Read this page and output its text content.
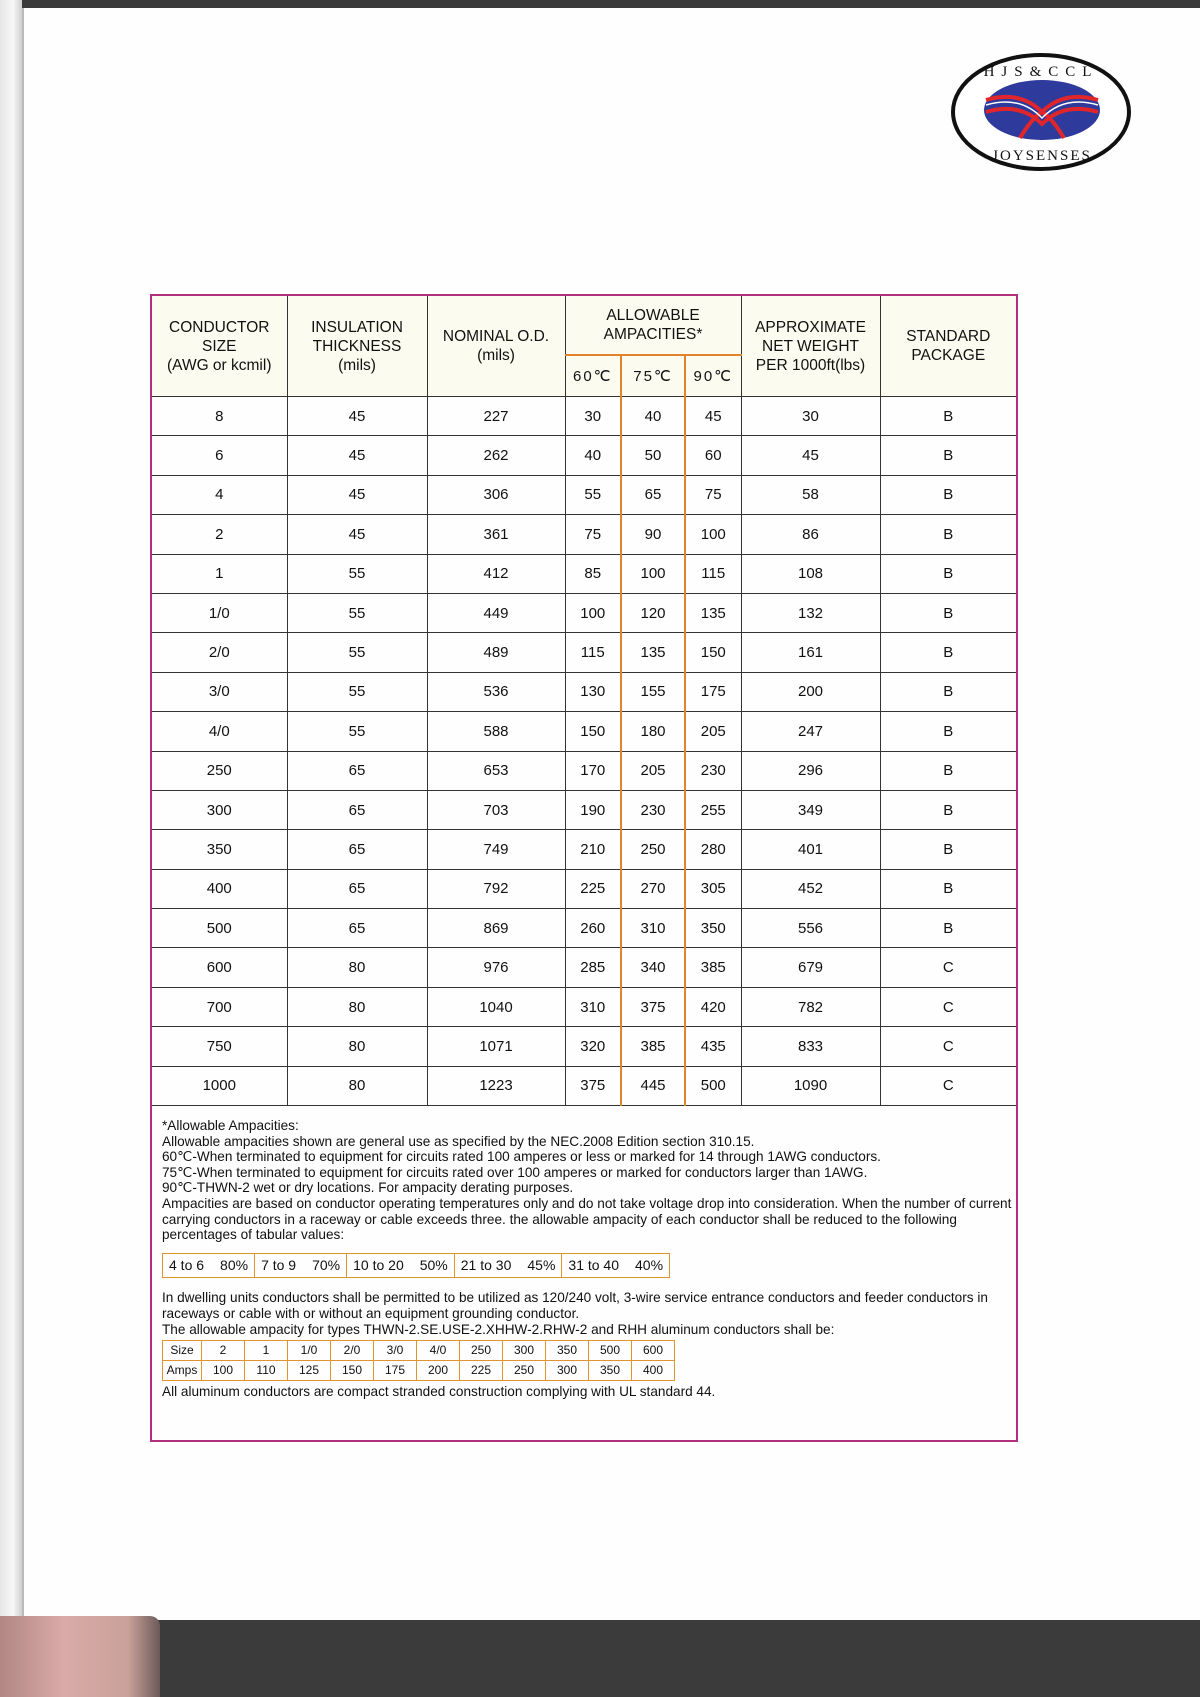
HJS&CCL
JOYSENSES
CONDUCTOR
SIZE
(AWG or kcmil)	INSULATION
THICKNESS
(mils)	NOMINAL O.D.
(mils)	ALLOWABLE
AMPACITIES*			APPROXIMATE
NET WEIGHT
PER 1000ft(lbs)	STANDARD
PACKAGE
			60℃	75℃	90℃		
8	45	227	30	40	45	30	B
6	45	262	40	50	60	45	B
4	45	306	55	65	75	58	B
2	45	361	75	90	100	86	B
1	55	412	85	100	115	108	B
1/0	55	449	100	120	135	132	B
2/0	55	489	115	135	150	161	B
3/0	55	536	130	155	175	200	B
4/0	55	588	150	180	205	247	B
250	65	653	170	205	230	296	B
300	65	703	190	230	255	349	B
350	65	749	210	250	280	401	B
400	65	792	225	270	305	452	B
500	65	869	260	310	350	556	B
600	80	976	285	340	385	679	C
700	80	1040	310	375	420	782	C
750	80	1071	320	385	435	833	C
1000	80	1223	375	445	500	1090	C

*Allowable Ampacities:

Allowable ampacities shown are general use as specified by the NEC.2008 Edition section 310.15.

60℃-When terminated to equipment for circuits rated 100 amperes or less or marked for 14 through 1AWG conductors.

75℃-When terminated to equipment for circuits rated over 100 amperes or marked for conductors larger than 1AWG.

90℃-THWN-2 wet or dry locations. For ampacity derating purposes.

Ampacities are based on conductor operating temperatures only and do not take voltage drop into consideration. When the number of current carrying conductors in a raceway or cable exceeds three. the allowable ampacity of each conductor shall be reduced to the following percentages of tabular values:

4 to 6 80%	7 to 9 70%	10 to 20 50%	21 to 30 45%	31 to 40 40%

In dwelling units conductors shall be permitted to be utilized as 120/240 volt, 3-wire service entrance conductors and feeder conductors in raceways or cable with or without an equipment grounding conductor.

The allowable ampacity for types THWN-2.SE.USE-2.XHHW-2.RHW-2 and RHH aluminum conductors shall be:

Size	2	1	1/0	2/0	3/0	4/0	250	300	350	500	600
Amps	100	110	125	150	175	200	225	250	300	350	400

All aluminum conductors are compact stranded construction complying with UL standard 44.
